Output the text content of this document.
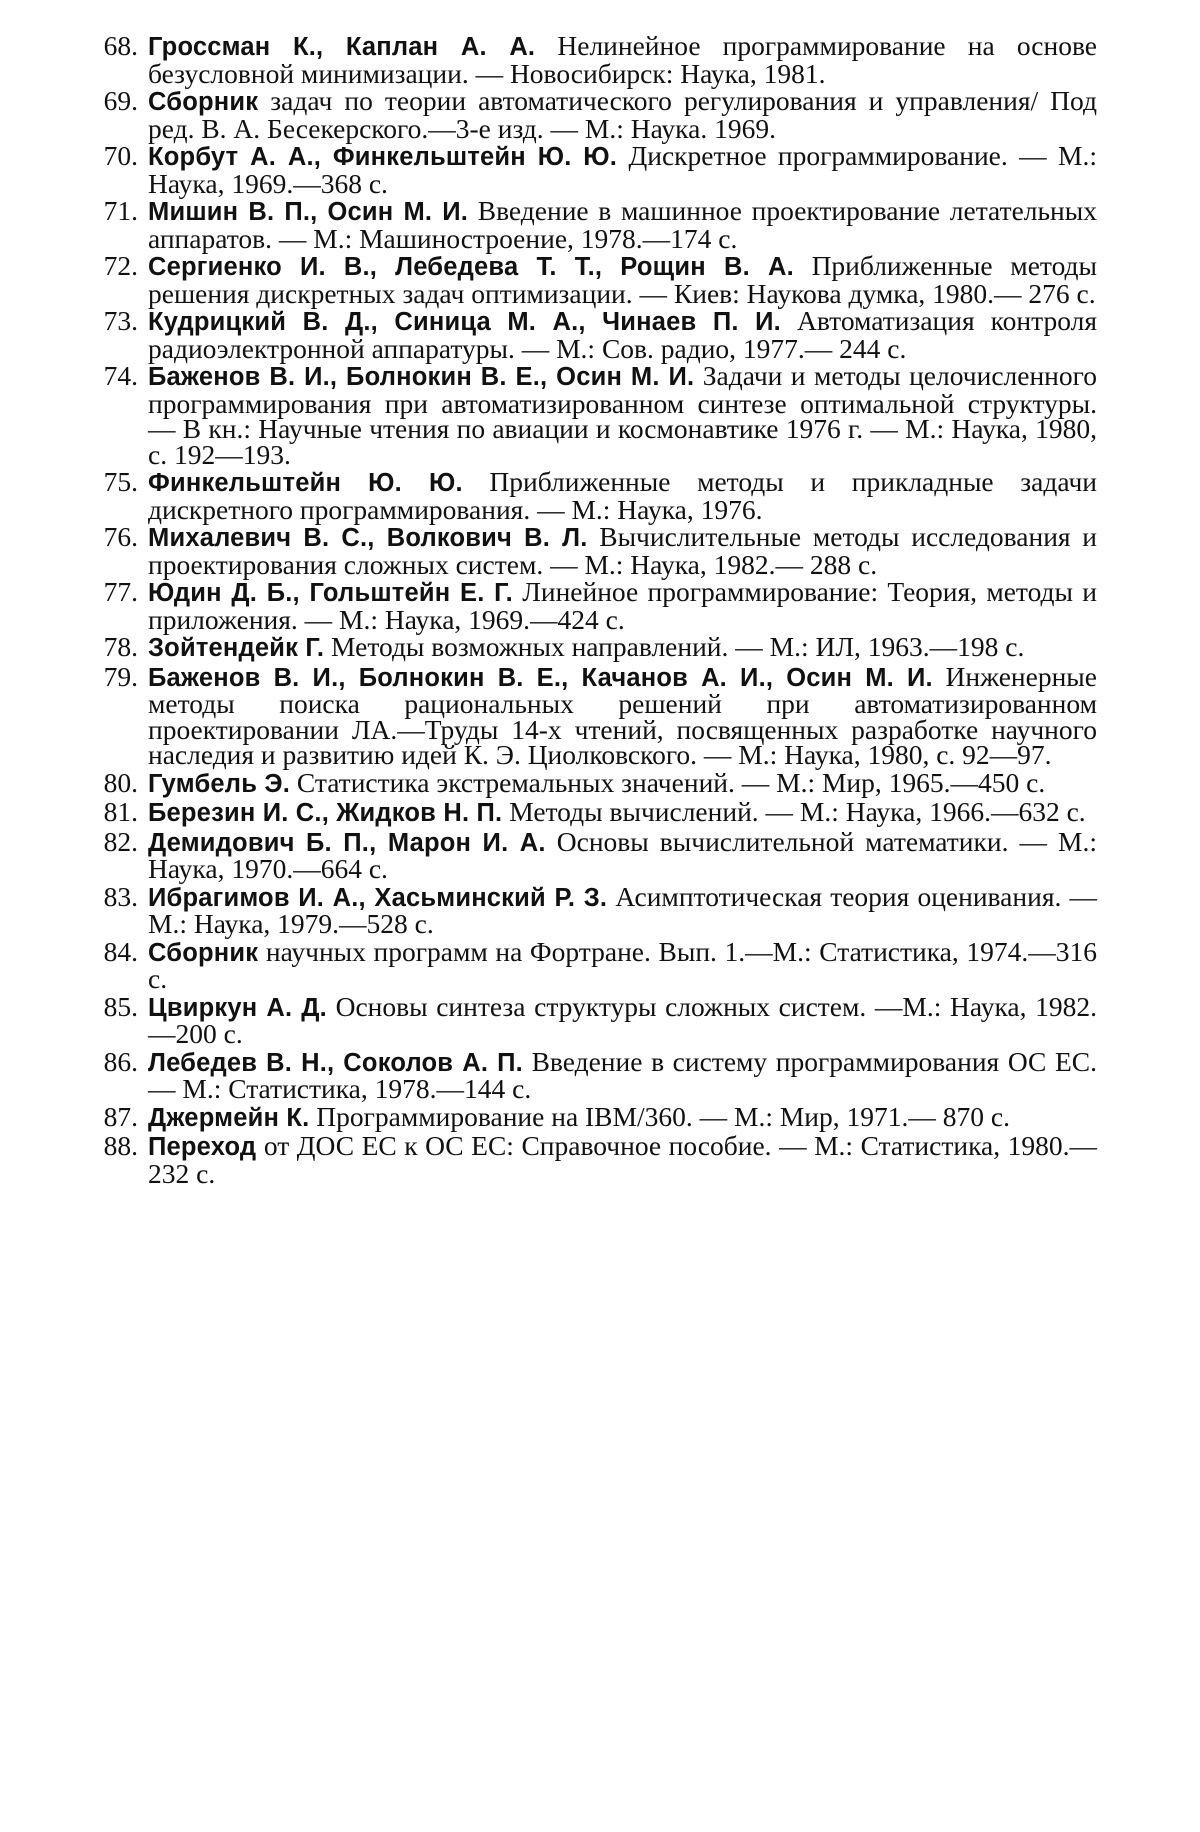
68. Гроссман К., Каплан А. А. Нелинейное программирование на основе безусловной минимизации. — Новосибирск: Наука, 1981.
69. Сборник задач по теории автоматического регулирования и управления/ Под ред. В. А. Бесекерского.—3-е изд. — М.: Наука. 1969.
70. Корбут А. А., Финкельштейн Ю. Ю. Дискретное программирование. — М.: Наука, 1969.—368 с.
71. Мишин В. П., Осин М. И. Введение в машинное проектирование летательных аппаратов. — М.: Машиностроение, 1978.—174 с.
72. Сергиенко И. В., Лебедева Т. Т., Рощин В. А. Приближенные методы решения дискретных задач оптимизации. — Киев: Наукова думка, 1980.— 276 с.
73. Кудрицкий В. Д., Синица М. А., Чинаев П. И. Автоматизация контроля радиоэлектронной аппаратуры. — М.: Сов. радио, 1977.— 244 с.
74. Баженов В. И., Болнокин В. Е., Осин М. И. Задачи и методы целочисленного программирования при автоматизированном синтезе оптимальной структуры. — В кн.: Научные чтения по авиации и космонавтике 1976 г. — М.: Наука, 1980, с. 192—193.
75. Финкельштейн Ю. Ю. Приближенные методы и прикладные задачи дискретного программирования. — М.: Наука, 1976.
76. Михалевич В. С., Волкович В. Л. Вычислительные методы исследования и проектирования сложных систем. — М.: Наука, 1982.— 288 с.
77. Юдин Д. Б., Гольштейн Е. Г. Линейное программирование: Теория, методы и приложения. — М.: Наука, 1969.—424 с.
78. Зойтендейк Г. Методы возможных направлений. — М.: ИЛ, 1963.—198 с.
79. Баженов В. И., Болнокин В. Е., Качанов А. И., Осин М. И. Инженерные методы поиска рациональных решений при автоматизированном проектировании ЛА.—Труды 14-х чтений, посвященных разработке научного наследия и развитию идей К. Э. Циолковского. — М.: Наука, 1980, с. 92—97.
80. Гумбель Э. Статистика экстремальных значений. — М.: Мир, 1965.—450 с.
81. Березин И. С., Жидков Н. П. Методы вычислений. — М.: Наука, 1966.—632 с.
82. Демидович Б. П., Марон И. А. Основы вычислительной математики. — М.: Наука, 1970.—664 с.
83. Ибрагимов И. А., Хасьминский Р. З. Асимптотическая теория оценивания. — М.: Наука, 1979.—528 с.
84. Сборник научных программ на Фортране. Вып. 1.—М.: Статистика, 1974.—316 с.
85. Цвиркун А. Д. Основы синтеза структуры сложных систем. —М.: Наука, 1982.—200 с.
86. Лебедев В. Н., Соколов А. П. Введение в систему программирования ОС ЕС. — М.: Статистика, 1978.—144 с.
87. Джермейн К. Программирование на IBM/360. — М.: Мир, 1971.— 870 с.
88. Переход от ДОС ЕС к ОС ЕС: Справочное пособие. — М.: Статистика, 1980.—232 с.
